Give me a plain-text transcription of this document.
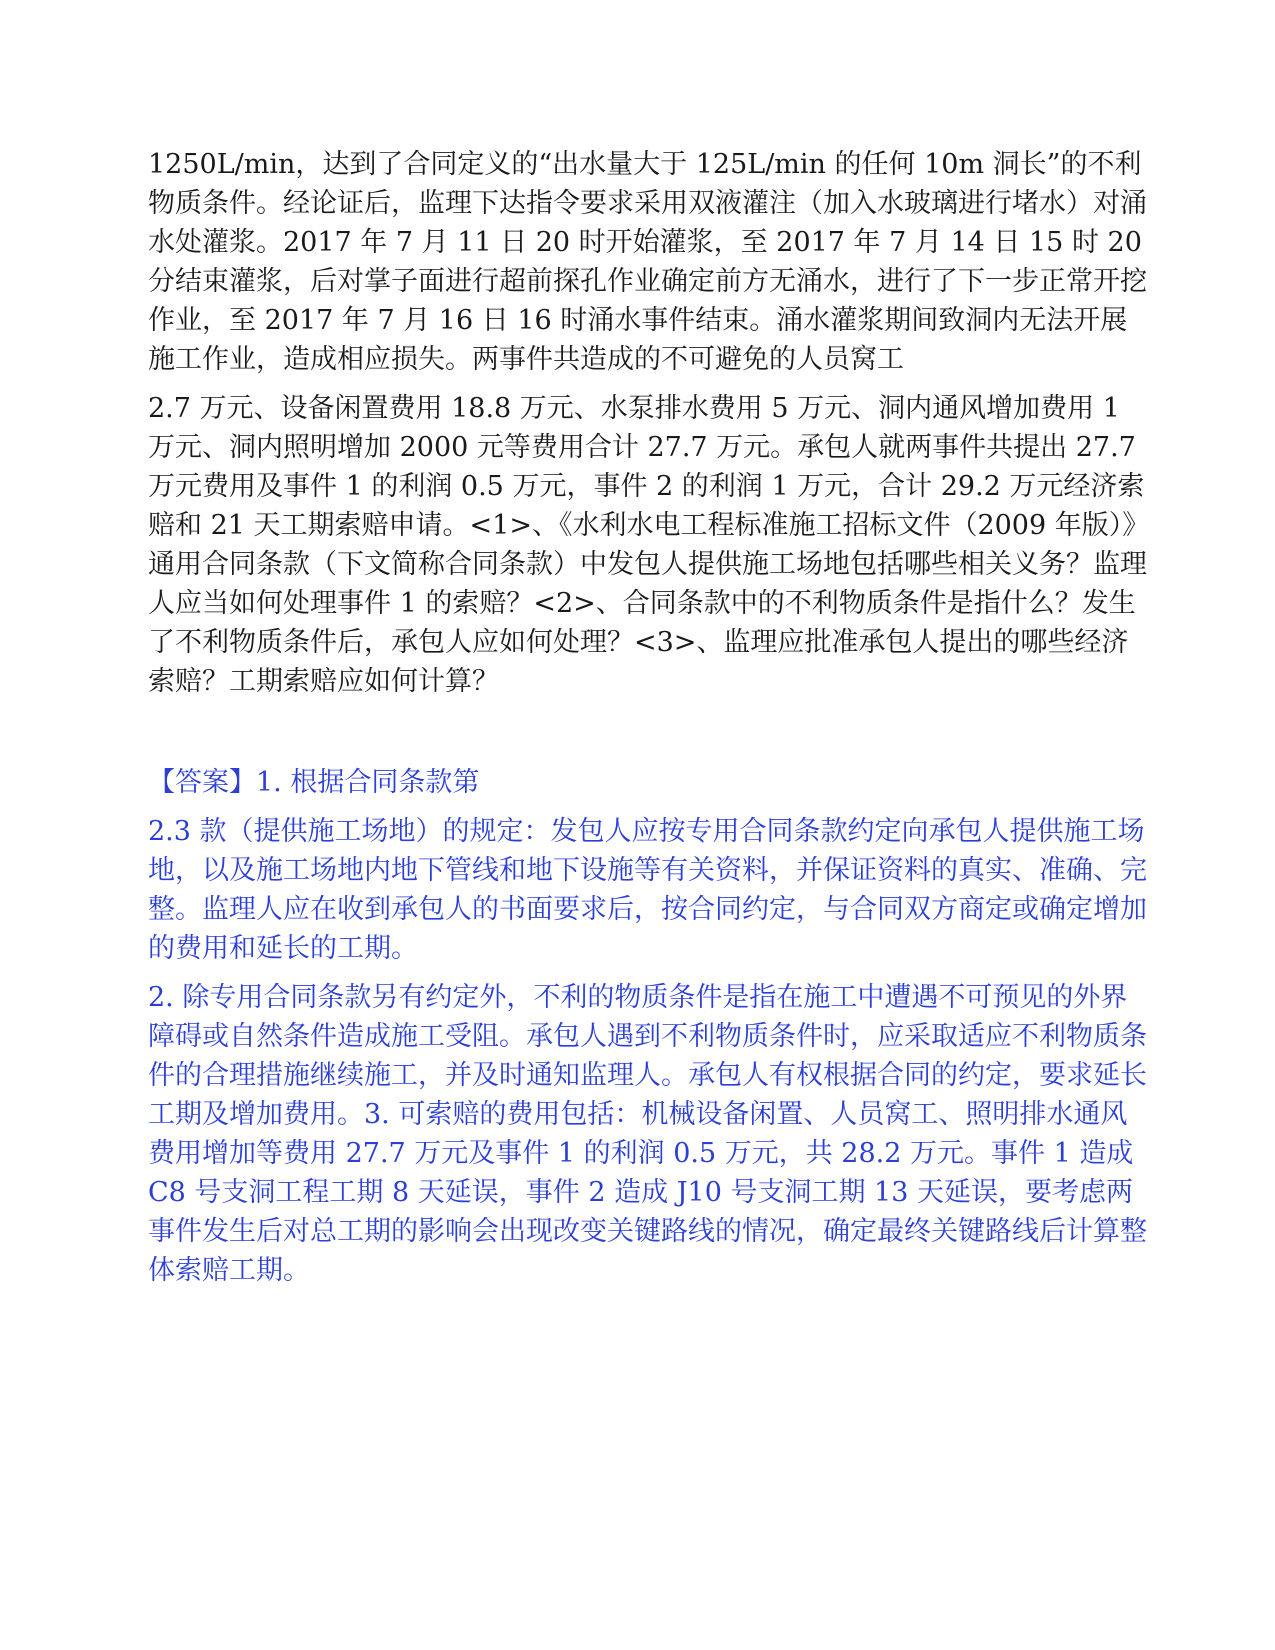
1250L/min，达到了合同定义的“出水量大于 125L/min 的任何 10m 洞长”的不利物质条件。经论证后，监理下达指令要求采用双液灌注（加入水玻璃进行堵水）对涌水处灌浆。2017 年 7 月 11 日 20 时开始灌浆，至 2017 年 7 月 14 日 15 时 20 分结束灌浆，后对掌子面进行超前探孔作业确定前方无涌水，进行了下一步正常开挖作业，至 2017 年 7 月 16 日 16 时涌水事件结束。涌水灌浆期间致洞内无法开展施工作业，造成相应损失。两事件共造成的不可避免的人员窝工

2.7 万元、设备闲置费用 18.8 万元、水泵排水费用 5 万元、洞内通风增加费用 1 万元、洞内照明增加 2000 元等费用合计 27.7 万元。承包人就两事件共提出 27.7 万元费用及事件 1 的利润 0.5 万元，事件 2 的利润 1 万元，合计 29.2 万元经济索赔和 21 天工期索赔申请。<1>、《水利水电工程标准施工招标文件（2009 年版）》通用合同条款（下文简称合同条款）中发包人提供施工场地包括哪些相关义务？监理人应当如何处理事件 1 的索赔？<2>、合同条款中的不利物质条件是指什么？发生了不利物质条件后，承包人应如何处理？<3>、监理应批准承包人提出的哪些经济索赔？工期索赔应如何计算？

【答案】1. 根据合同条款第

2.3 款（提供施工场地）的规定：发包人应按专用合同条款约定向承包人提供施工场地，以及施工场地内地下管线和地下设施等有关资料，并保证资料的真实、准确、完整。监理人应在收到承包人的书面要求后，按合同约定，与合同双方商定或确定增加的费用和延长的工期。

2. 除专用合同条款另有约定外，不利的物质条件是指在施工中遭遇不可预见的外界障碍或自然条件造成施工受阻。承包人遇到不利物质条件时，应采取适应不利物质条件的合理措施继续施工，并及时通知监理人。承包人有权根据合同的约定，要求延长工期及增加费用。3. 可索赔的费用包括：机械设备闲置、人员窝工、照明排水通风费用增加等费用 27.7 万元及事件 1 的利润 0.5 万元，共 28.2 万元。事件 1 造成 C8 号支洞工程工期 8 天延误，事件 2 造成 J10 号支洞工期 13 天延误，要考虑两事件发生后对总工期的影响会出现改变关键路线的情况，确定最终关键路线后计算整体索赔工期。
